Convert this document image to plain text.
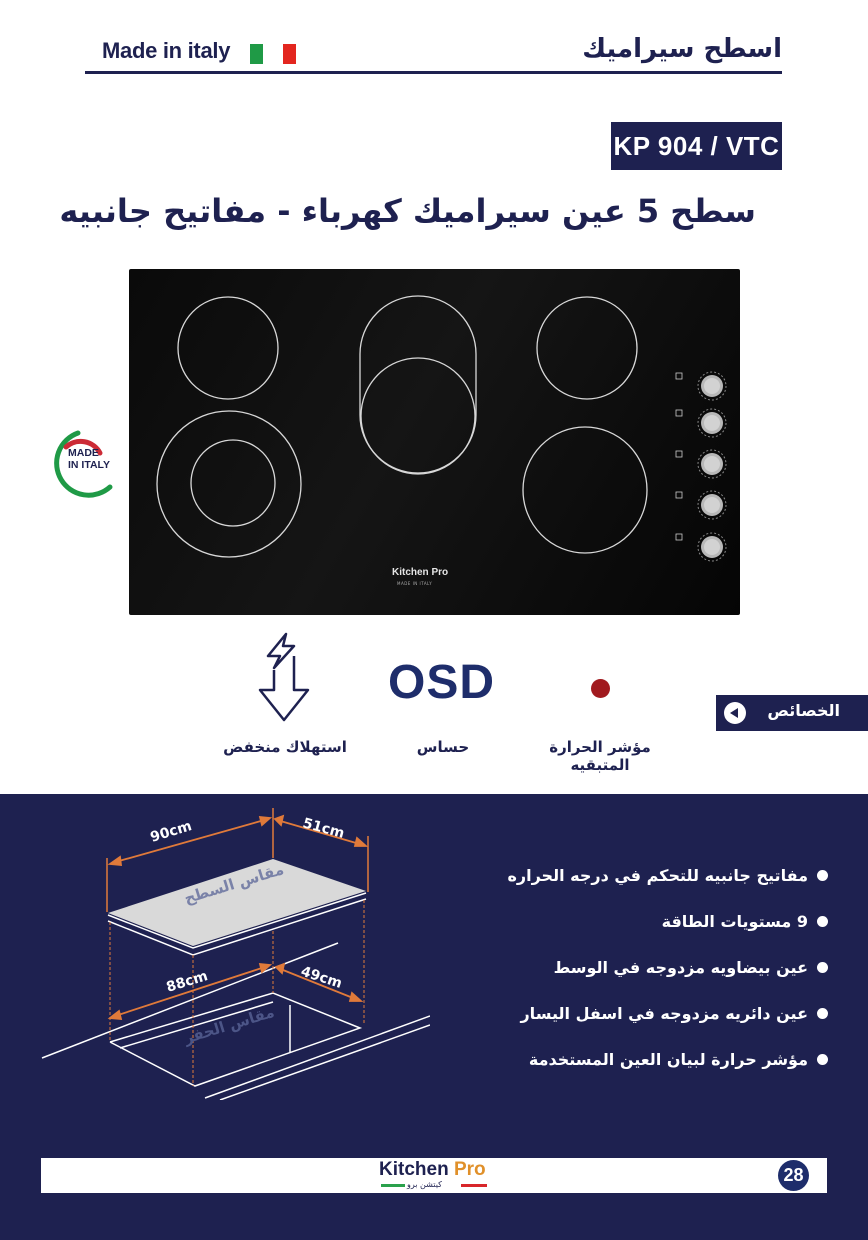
Made in italy	اسطح سيراميك
KP 904 / VTC
سطح 5 عين سيراميك كهرباء - مفاتيح جانبيه
MADE
IN ITALY
Kitchen Pro
MADE IN ITALY
استهلاك منخفض
OSD
حساس	مؤشر الحرارة
المتبقيه
الخصائص
90cm	51cm
88cm	49cm
مقاس السطح
مقاس الحفر
مفاتيح جانبيه للتحكم في درجه الحراره
9 مستويات الطاقة
عين بيضاويه مزدوجه في الوسط
عين دائريه مزدوجه في اسفل اليسار
مؤشر حرارة لبيان العين المستخدمة
Kitchen Pro
كيتشن برو	28
